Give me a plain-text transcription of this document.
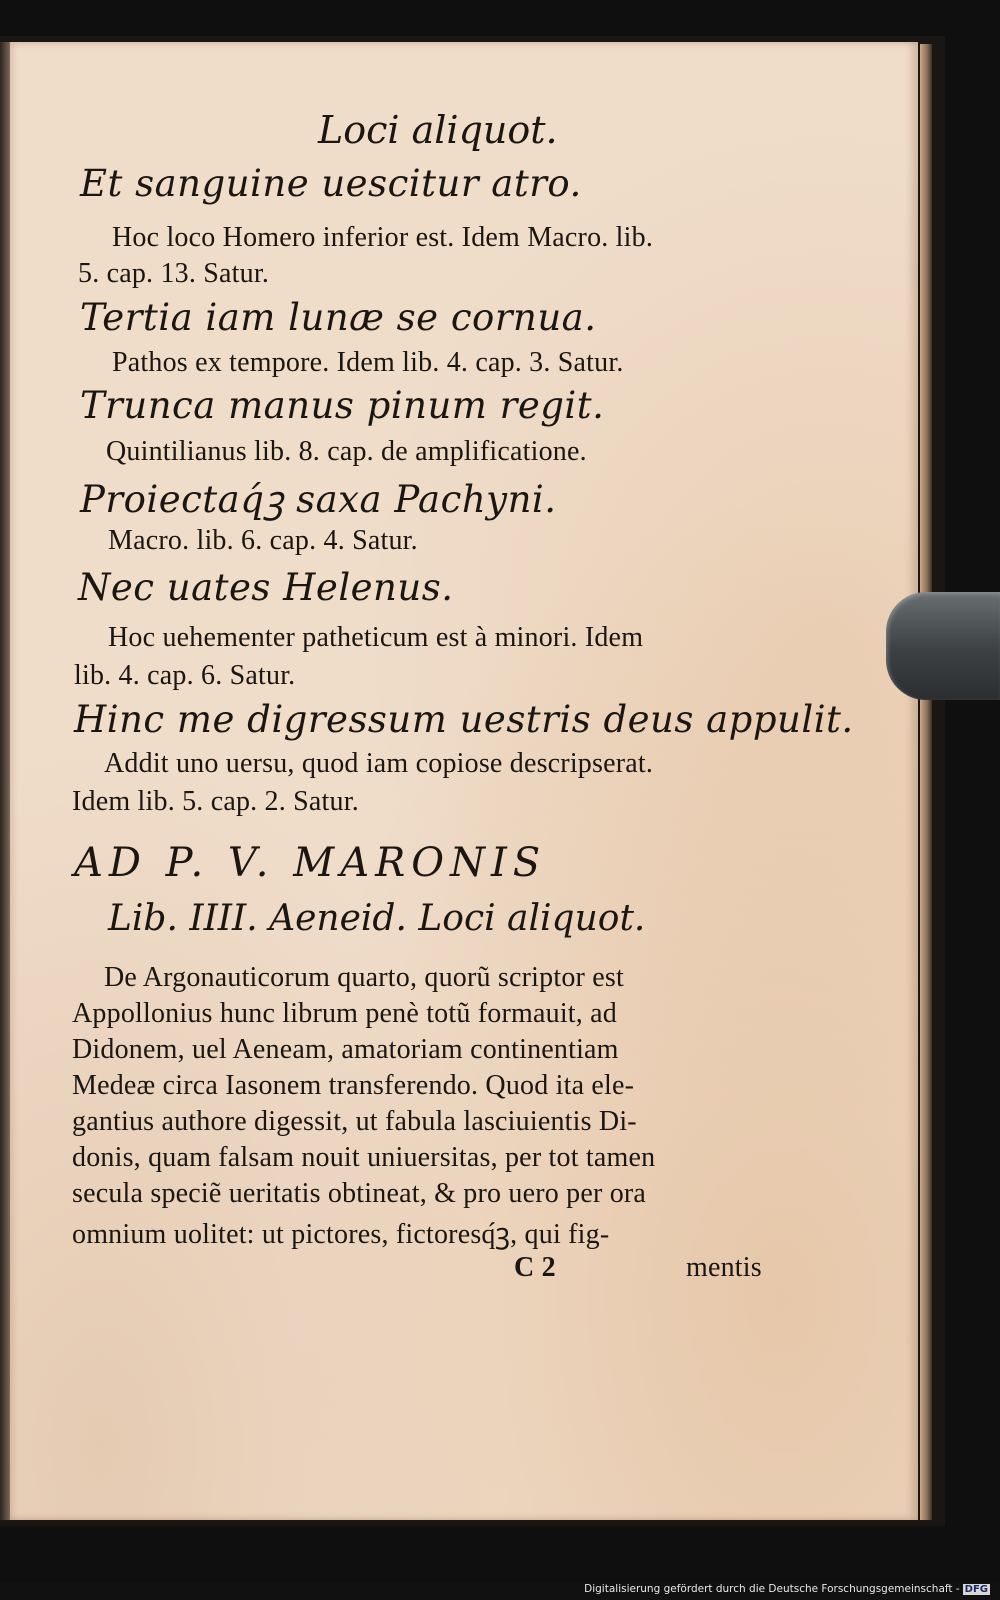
Loci aliquot.
Et sanguine uescitur atro.
Hoc loco Homero inferior est. Idem Macro. lib.
5. cap. 13. Satur.
Tertia iam lunæ se cornua.
Pathos ex tempore. Idem lib. 4. cap. 3. Satur.
Trunca manus pinum regit.
Quintilianus lib. 8. cap. de amplificatione.
Proiectaq́ꝫ saxa Pachyni.
Macro. lib. 6. cap. 4. Satur.
Nec uates Helenus.
Hoc uehementer patheticum est à minori. Idem
lib. 4. cap. 6. Satur.
Hinc me digressum uestris deus appulit.
Addit uno uersu, quod iam copiose descripserat.
Idem lib. 5. cap. 2. Satur.
AD P. V. MARONIS
Lib. IIII. Aeneid. Loci aliquot.
De Argonauticorum quarto, quorũ scriptor est
Appollonius hunc librum penè totũ formauit, ad
Didonem, uel Aeneam, amatoriam continentiam
Medeæ circa Iasonem transferendo. Quod ita ele-
gantius authore digessit, ut fabula lasciuientis Di-
donis, quam falsam nouit uniuersitas, per tot tamen
secula speciẽ ueritatis obtineat, & pro uero per ora
omnium uolitet: ut pictores, fictoresq́ꝫ, qui fig-
C 2	mentis
Digitalisierung gefördert durch die Deutsche Forschungsgemeinschaft - DFG
